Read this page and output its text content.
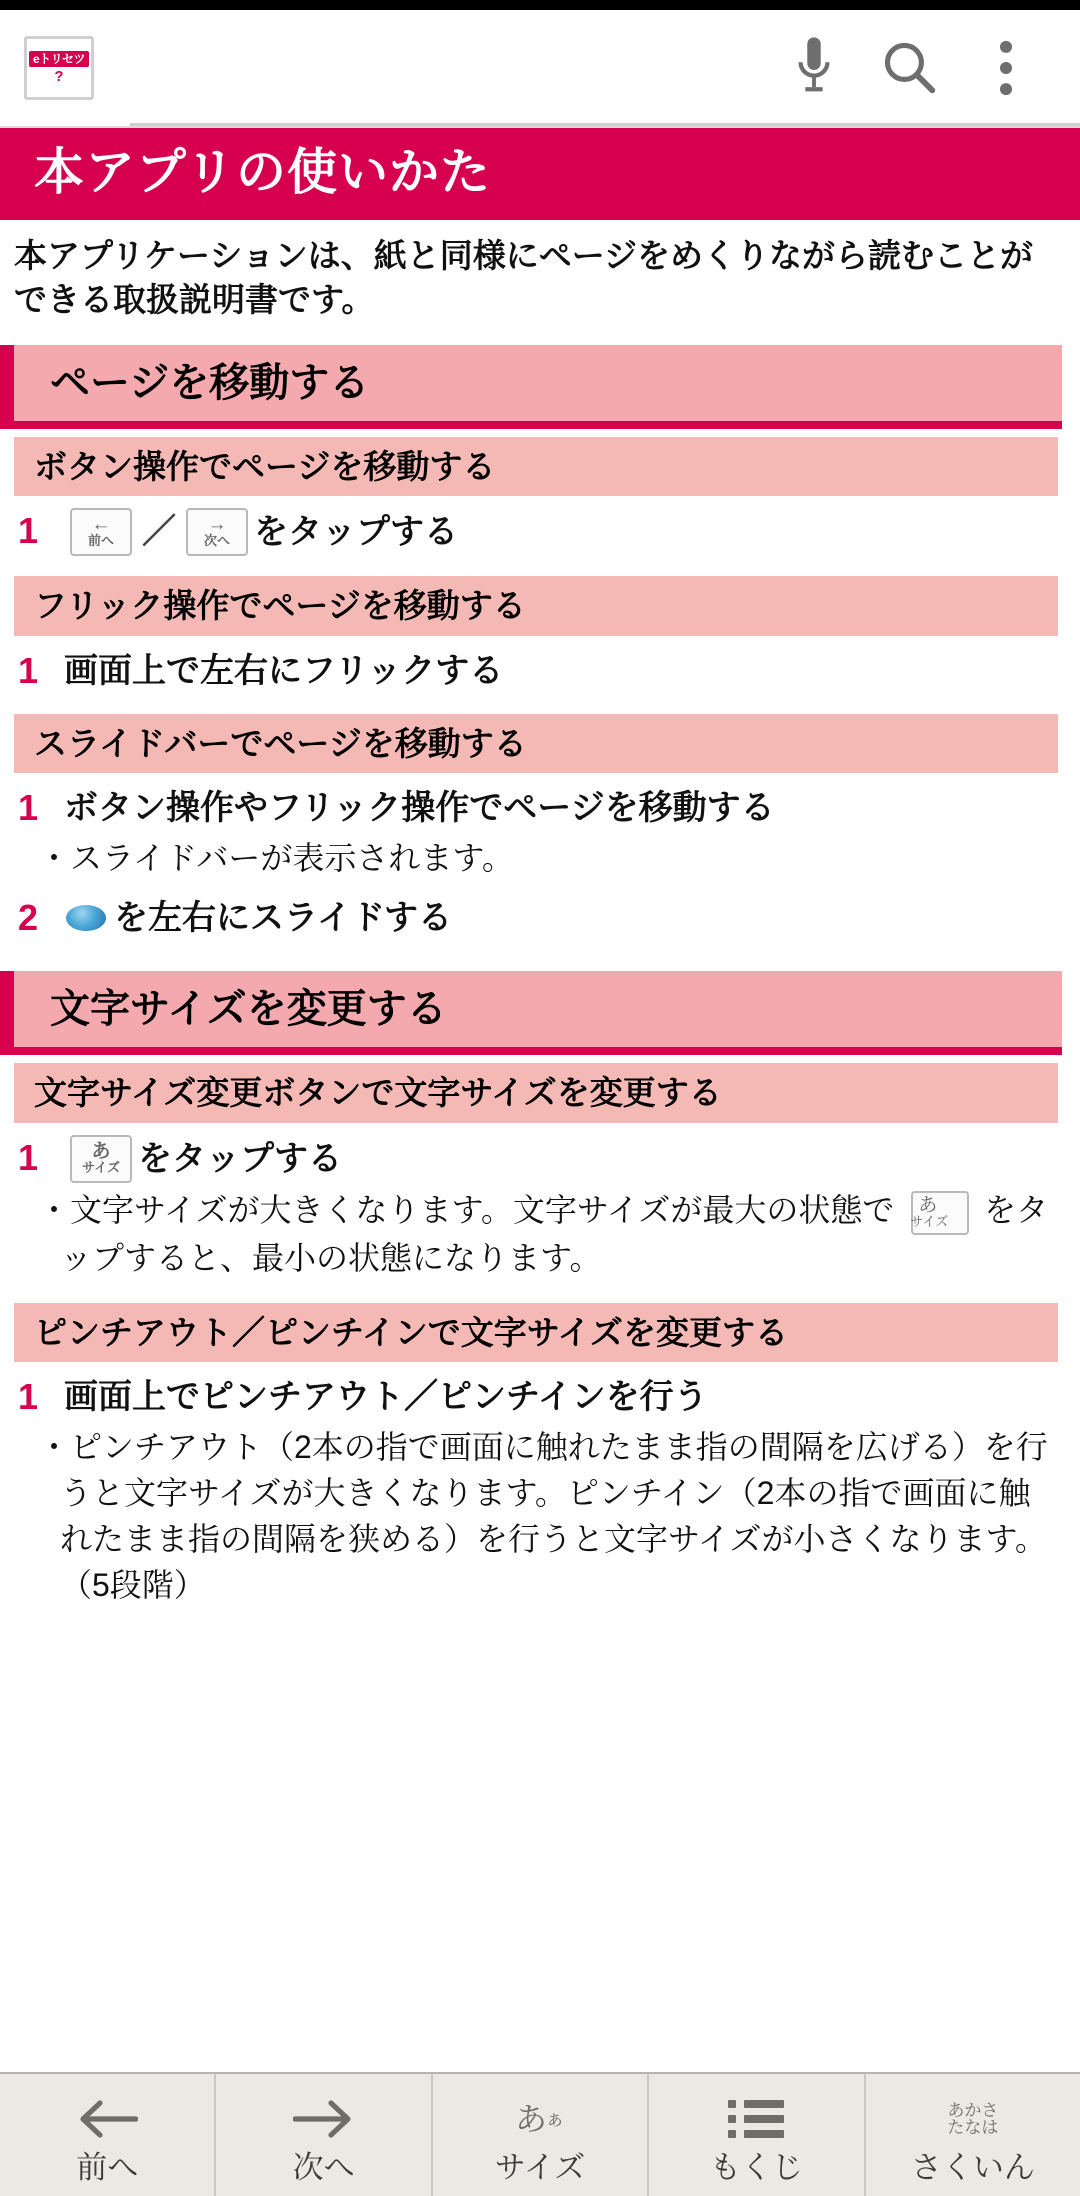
eトリセツ
?
本アプリの使いかた
本アプリケーションは、紙と同様にページをめくりながら読むことができる取扱説明書です。
ページを移動する
ボタン操作でページを移動する
1	←
前へ ／ →
次へ をタップする
フリック操作でページを移動する
1 画面上で左右にフリックする
スライドバーでページを移動する
1 ボタン操作やフリック操作でページを移動する
・スライドバーが表示されます。
2	を左右にスライドする
文字サイズを変更する
文字サイズ変更ボタンで文字サイズを変更する
1	あ
サイズ をタップする
・文字サイズが大きくなります。文字サイズが最大の状態で あ
サイズ をタップすると、最小の状態になります。
ピンチアウト／ピンチインで文字サイズを変更する
1 画面上でピンチアウト／ピンチインを行う
・ピンチアウト（2本の指で画面に触れたまま指の間隔を広げる）を行うと文字サイズが大きくなります。ピンチイン（2本の指で画面に触れたまま指の間隔を狭める）を行うと文字サイズが小さくなります。（5段階）
前へ	次へ
あ
ぁ
サイズ	もくじ
あかさ
たなは
さくいん
